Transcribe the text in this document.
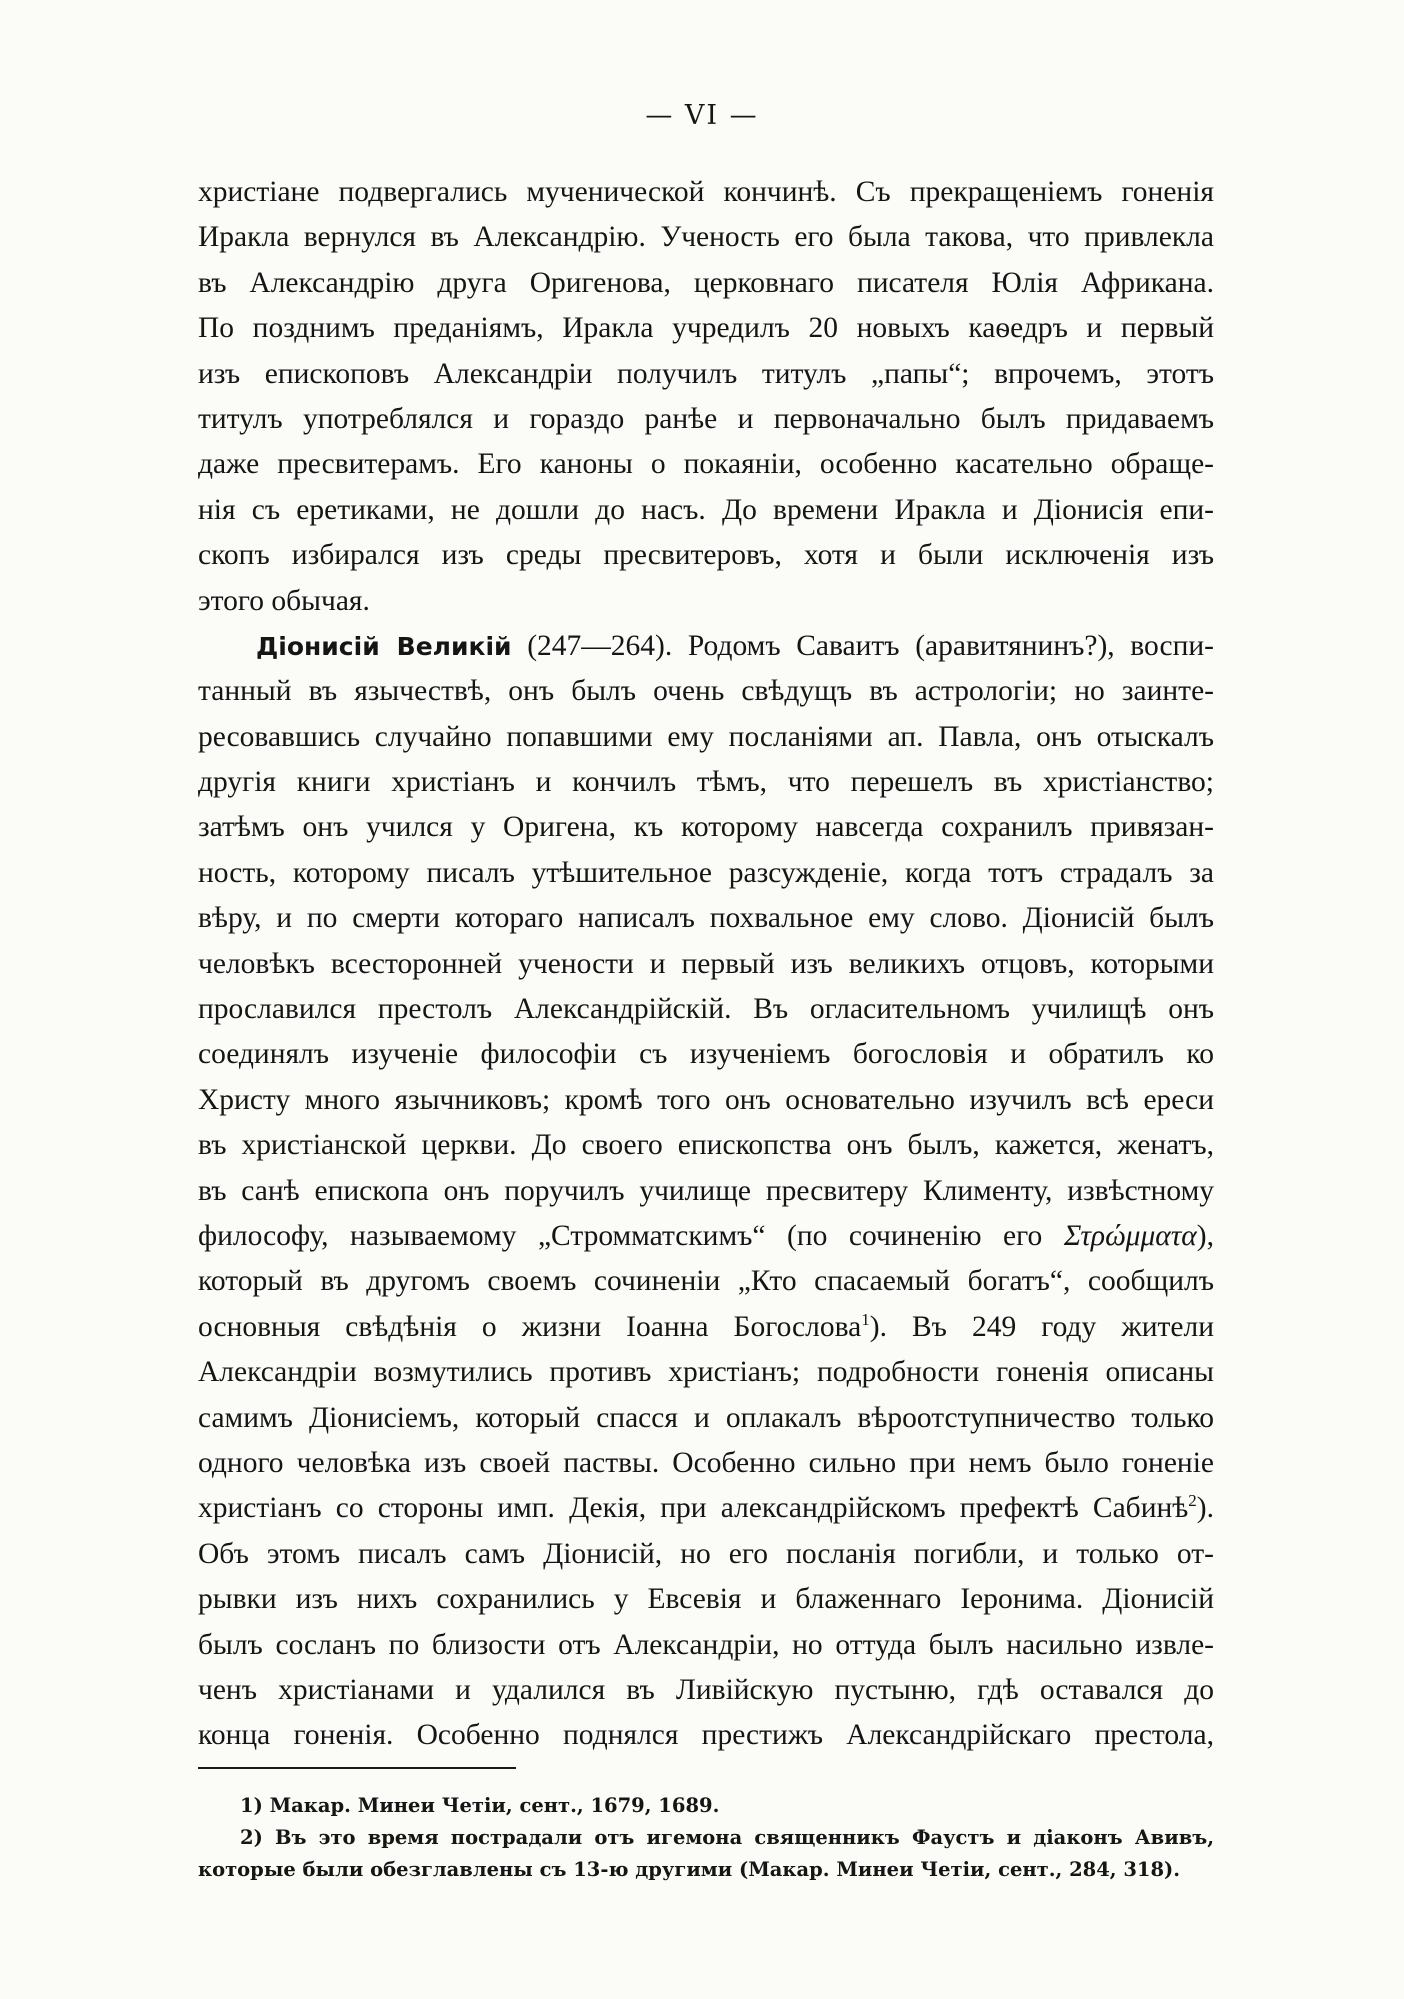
— VI —
христiане подвергались мученической кончинѣ. Съ прекращенiемъ гоненiя
Иракла вернулся въ Александрiю. Ученость его была такова, что привлекла
въ Александрiю друга Оригенова, церковнаго писателя Юлiя Африкана.
По позднимъ преданiямъ, Иракла учредилъ 20 новыхъ каѳедръ и первый
изъ епископовъ Александрiи получилъ титулъ „папы“; впрочемъ, этотъ
титулъ употреблялся и гораздо ранѣе и первоначально былъ придаваемъ
даже пресвитерамъ. Его каноны о покаянiи, особенно касательно обраще-
нiя съ еретиками, не дошли до насъ. До времени Иракла и Дiонисiя епи-
скопъ избирался изъ среды пресвитеровъ, хотя и были исключенiя изъ
этого обычая.
Дiонисiй Великiй (247—264). Родомъ Саваитъ (аравитянинъ?), воспи-
танный въ язычествѣ, онъ былъ очень свѣдущъ въ астрологiи; но заинте-
ресовавшись случайно попавшими ему посланiями ап. Павла, онъ отыскалъ
другiя книги христiанъ и кончилъ тѣмъ, что перешелъ въ христiанство;
затѣмъ онъ учился у Оригена, къ которому навсегда сохранилъ привязан-
ность, которому писалъ утѣшительное разсужденiе, когда тотъ страдалъ за
вѣру, и по смерти котораго написалъ похвальное ему слово. Дiонисiй былъ
человѣкъ всесторонней учености и первый изъ великихъ отцовъ, которыми
прославился престолъ Александрiйскiй. Въ огласительномъ училищѣ онъ
соединялъ изученiе философiи съ изученiемъ богословiя и обратилъ ко
Христу много язычниковъ; кромѣ того онъ основательно изучилъ всѣ ереси
въ христiанской церкви. До своего епископства онъ былъ, кажется, женатъ,
въ санѣ епископа онъ поручилъ училище пресвитеру Клименту, извѣстному
философу, называемому „Стромматскимъ“ (по сочиненiю его Στρώμματα),
который въ другомъ своемъ сочиненiи „Кто спасаемый богатъ“, сообщилъ
основныя свѣдѣнiя о жизни Iоанна Богослова$^1$). Въ 249 году жители
Александрiи возмутились противъ христiанъ; подробности гоненiя описаны
самимъ Дiонисiемъ, который спасся и оплакалъ вѣроотступничество только
одного человѣка изъ своей паствы. Особенно сильно при немъ было гоненiе
христiанъ со стороны имп. Декiя, при александрiйскомъ префектѣ Сабинѣ$^2$).
Объ этомъ писалъ самъ Дiонисiй, но его посланiя погибли, и только от-
рывки изъ нихъ сохранились у Евсевiя и блаженнаго Iеронима. Дiонисiй
былъ сосланъ по близости отъ Александрiи, но оттуда былъ насильно извле-
ченъ христiанами и удалился въ Ливiйскую пустыню, гдѣ оставался до
конца гоненiя. Особенно поднялся престижъ Александрiйскаго престола,
1) Макар. Минеи Четiи, сент., 1679, 1689.
2) Въ это время пострадали отъ игемона священникъ Фаустъ и дiаконъ Авивъ,
которые были обезглавлены съ 13-ю другими (Макар. Минеи Четiи, сент., 284, 318).
